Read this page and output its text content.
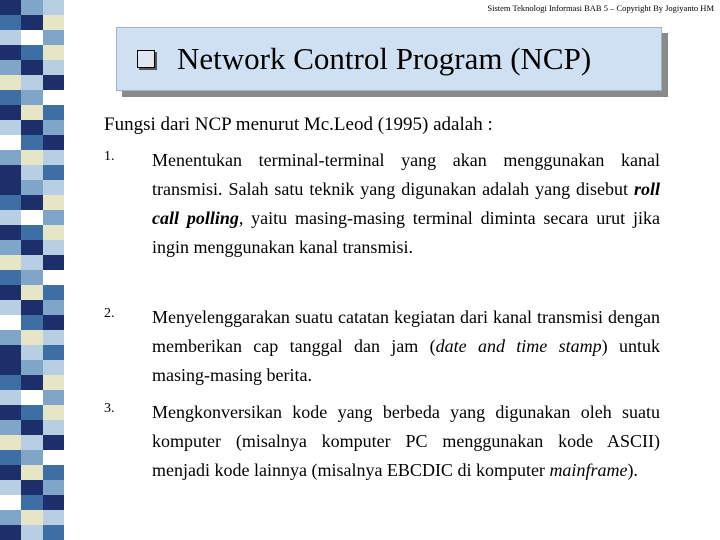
Sistem Teknologi Informasi BAB 5 – Copyright By Jogiyanto HM
Network Control Program (NCP)
Fungsi dari NCP menurut Mc.Leod (1995) adalah :
1. Menentukan terminal-terminal yang akan menggunakan kanal transmisi. Salah satu teknik yang digunakan adalah yang disebut roll call polling, yaitu masing-masing terminal diminta secara urut jika ingin menggunakan kanal transmisi.
2. Menyelenggarakan suatu catatan kegiatan dari kanal transmisi dengan memberikan cap tanggal dan jam (date and time stamp) untuk masing-masing berita.
3. Mengkonversikan kode yang berbeda yang digunakan oleh suatu komputer (misalnya komputer PC menggunakan kode ASCII) menjadi kode lainnya (misalnya EBCDIC di komputer mainframe).
